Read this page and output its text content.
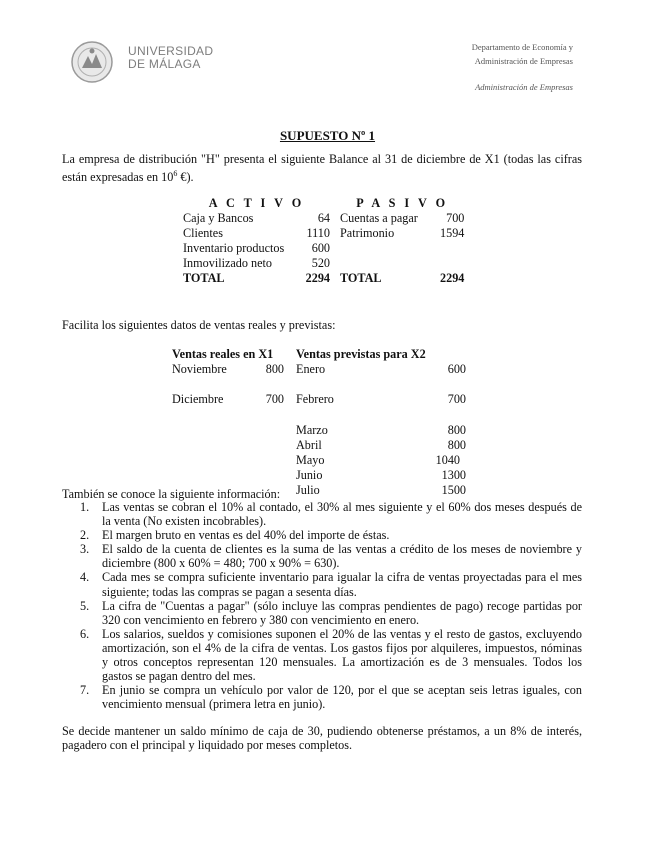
UNIVERSIDAD
DE MÁLAGA
Departamento de Economía y
Administración de Empresas
Administración de Empresas
SUPUESTO Nº 1
La empresa de distribución "H" presenta el siguiente Balance al 31 de diciembre de X1 (todas las cifras están expresadas en $10^6$ €).
A C T I V O		P A S I V O	
Caja y Bancos	64	Cuentas a pagar	700
Clientes	1110	Patrimonio	1594
Inventario productos	600		
Inmovilizado neto	520		
TOTAL	2294	TOTAL	2294
Facilita los siguientes datos de ventas reales y previstas:
Ventas reales en X1		Ventas previstas para X2	
Noviembre	800	Enero	600

Diciembre	700	Febrero	700

		Marzo	800
		Abril	800
		Mayo	1040
		Junio	1300
		Julio	1500
También se conoce la siguiente información:
1. Las ventas se cobran el 10% al contado, el 30% al mes siguiente y el 60% dos meses después de la venta (No existen incobrables).
2. El margen bruto en ventas es del 40% del importe de éstas.
3. El saldo de la cuenta de clientes es la suma de las ventas a crédito de los meses de noviembre y diciembre (800 x 60% = 480; 700 x 90% = 630).
4. Cada mes se compra suficiente inventario para igualar la cifra de ventas proyectadas para el mes siguiente; todas las compras se pagan a sesenta días.
5. La cifra de "Cuentas a pagar" (sólo incluye las compras pendientes de pago) recoge partidas por 320 con vencimiento en febrero y 380 con vencimiento en enero.
6. Los salarios, sueldos y comisiones suponen el 20% de las ventas y el resto de gastos, excluyendo amortización, son el 4% de la cifra de ventas. Los gastos fijos por alquileres, impuestos, nóminas y otros conceptos representan 120 mensuales. La amortización es de 3 mensuales. Todos los gastos se pagan dentro del mes.
7. En junio se compra un vehículo por valor de 120, por el que se aceptan seis letras iguales, con vencimiento mensual (primera letra en junio).
Se decide mantener un saldo mínimo de caja de 30, pudiendo obtenerse préstamos, a un 8% de interés, pagadero con el principal y liquidado por meses completos.
